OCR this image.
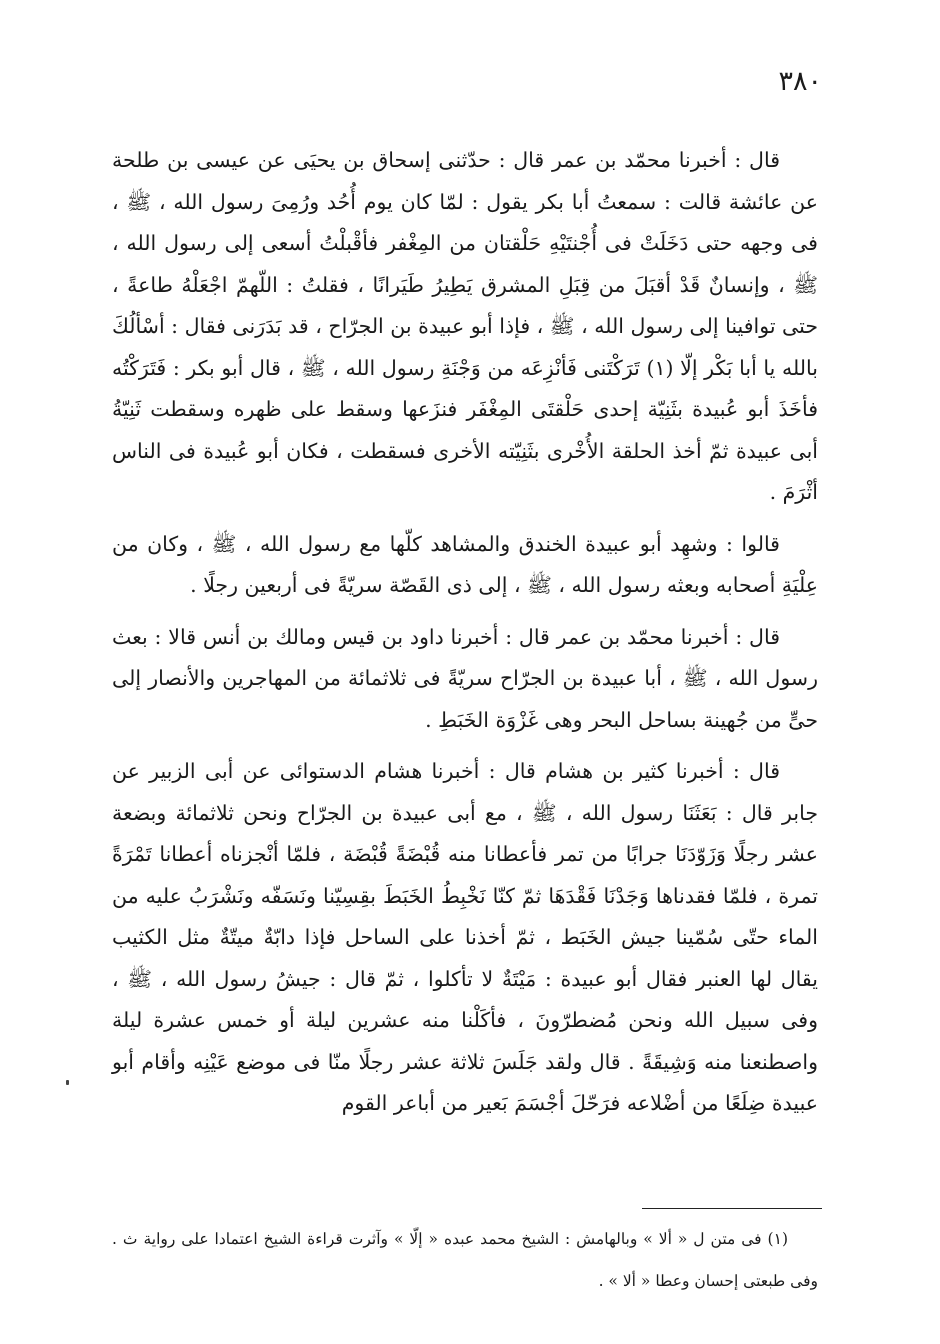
٣٨٠

قال : أخبرنا محمّد بن عمر قال : حدّثنى إسحاق بن يحيَى عن عيسى بن طلحة عن عائشة قالت : سمعتُ أبا بكر يقول : لمّا كان يوم أُحُد ورُمِىَ رسول الله ، ﷺ ، فى وجهه حتى دَخَلَتْ فى أُجْنتَيْهِ حَلْقتان من المِغْفر فأقْبلْتُ أسعى إلى رسول الله ، ﷺ ، وإنسانٌ قَدْ أقبَلَ من قِبَلِ المشرق يَطِيرُ طَيَرانًا ، فقلتُ : اللّهمّ اجْعَلْهُ طاعةً ، حتى توافينا إلى رسول الله ، ﷺ ، فإذا أبو عبيدة بن الجرّاح ، قد بَدَرَنى فقال : أسْألُكَ بالله يا أبا بَكْر إلّا (١) تَرَكْتَنى فَأنْزِعَه من وَجْنَةِ رسول الله ، ﷺ ، قال أبو بكر : فَتَرَكْتُه فأخَذَ أبو عُبيدة بثَنِيّة إحدى حَلْقتَى المِغْفَر فنزَعها وسقط على ظهره وسقطت ثَنِيّةُ أبى عبيدة ثمّ أخذ الحلقة الأُخْرى بثَنِيّته الأخرى فسقطت ، فكان أبو عُبيدة فى الناس أثْرَمَ .

قالوا : وشهِد أبو عبيدة الخندق والمشاهد كلّها مع رسول الله ، ﷺ ، وكان من عِلْيَةِ أصحابه وبعثه رسول الله ، ﷺ ، إلى ذى القَصّة سريّةً فى أربعين رجلًا .

قال : أخبرنا محمّد بن عمر قال : أخبرنا داود بن قيس ومالك بن أنس قالا : بعث رسول الله ، ﷺ ، أبا عبيدة بن الجرّاح سريّةً فى ثلاثمائة من المهاجرين والأنصار إلى حىٍّ من جُهينة بساحل البحر وهى غَزْوَة الخَبَطِ .

قال : أخبرنا كثير بن هشام قال : أخبرنا هشام الدستوائى عن أبى الزبير عن جابر قال : بَعَثَنَا رسول الله ، ﷺ ، مع أبى عبيدة بن الجرّاح ونحن ثلاثمائة وبضعة عشر رجلًا وَزَوّدَنَا جرابًا من تمر فأعطانا منه قُبْضَةً قُبْضَة ، فلمّا أنْجزناه أعطانا تَمْرَةً تمرة ، فلمّا فقدناها وَجَدْنَا فَقْدَهَا ثمّ كنّا نَخْبِطُ الخَبَطَ بقِسِيّنا ونَسَفّه ونَشْرَبُ عليه من الماء حتّى سُمّينا جيش الخَبَط ، ثمّ أخذنا على الساحل فإذا دابّةٌ ميتّةٌ مثل الكثيب يقال لها العنبر فقال أبو عبيدة : مَيْتَةٌ لا تأكلوا ، ثمّ قال : جيشُ رسول الله ، ﷺ ، وفى سبيل الله ونحن مُضطرّونَ ، فأكَلْنا منه عشرين ليلة أو خمس عشرة ليلة واصطنعنا منه وَشِيقَةً . قال ولقد جَلَسَ ثلاثة عشر رجلًا منّا فى موضع عَيْنِه وأقام أبو عبيدة ضِلَعًا من أضْلاعه فرَحّلَ أجْسَمَ بَعير من أباعر القوم

(١) فى متن ل « ألا » وبالهامش : الشيخ محمد عبده « إلّا » وآثرت قراءة الشيخ اعتمادا على رواية ث . وفى طبعتى إحسان وعطا « ألا » .
